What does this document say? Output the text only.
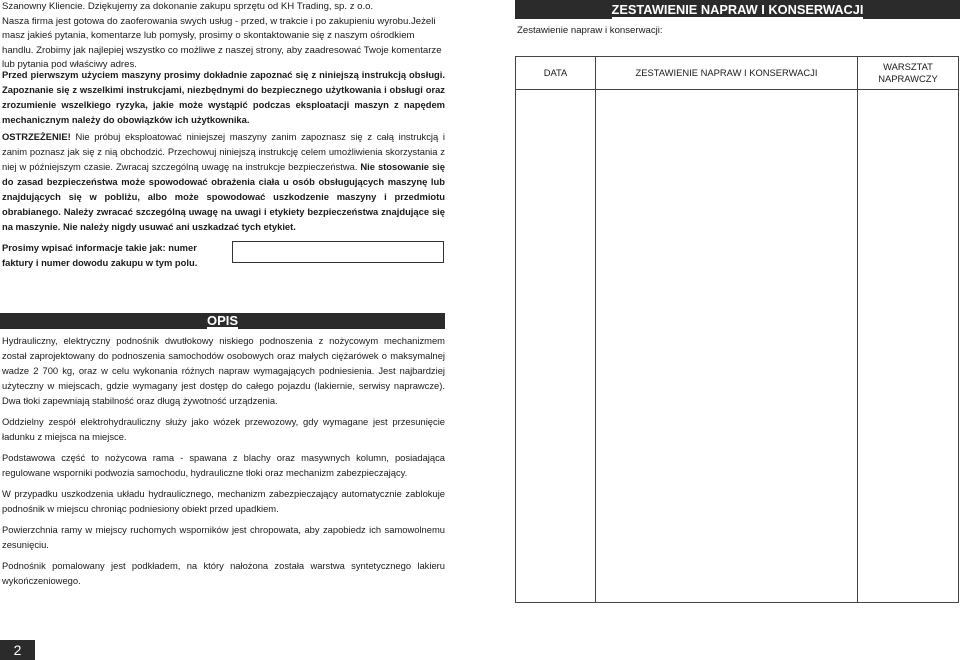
Szanowny Kliencie. Dziękujemy za dokonanie zakupu sprzętu od KH Trading, sp. z o.o.
Nasza firma jest gotowa do zaoferowania swych usług - przed, w trakcie i po zakupieniu wyrobu.Jeżeli masz jakieś pytania, komentarze lub pomysły, prosimy o skontaktowanie się z naszym ośrodkiem handlu. Zrobimy jak najlepiej wszystko co możliwe z naszej strony, aby zaadresować Twoje komentarze lub pytania pod właściwy adres.
Przed pierwszym użyciem maszyny prosimy dokładnie zapoznać się z niniejszą instrukcją obsługi. Zapoznanie się z wszelkimi instrukcjami, niezbędnymi do bezpiecznego użytkowania i obsługi oraz zrozumienie wszelkiego ryzyka, jakie może wystąpić podczas eksploatacji maszyn z napędem mechanicznym należy do obowiązków ich użytkownika.
OSTRZEŻENIE! Nie próbuj eksploatować niniejszej maszyny zanim zapoznasz się z całą instrukcją i zanim poznasz jak się z nią obchodzić. Przechowuj niniejszą instrukcję celem umożliwienia skorzystania z niej w późniejszym czasie. Zwracaj szczególną uwagę na instrukcje bezpieczeństwa. Nie stosowanie się do zasad bezpieczeństwa może spowodować obrażenia ciała u osób obsługujących maszynę lub znajdujących się w pobliżu, albo może spowodować uszkodzenie maszyny i przedmiotu obrabianego. Należy zwracać szczególną uwagę na uwagi i etykiety bezpieczeństwa znajdujące się na maszynie. Nie należy nigdy usuwać ani uszkadzać tych etykiet.
Prosimy wpisać informacje takie jak: numer faktury i numer dowodu zakupu w tym polu.
OPIS

Hydrauliczny, elektryczny podnośnik dwutłokowy niskiego podnoszenia z nożycowym mechanizmem został zaprojektowany do podnoszenia samochodów osobowych oraz małych ciężarówek o maksymalnej wadze 2 700 kg, oraz w celu wykonania różnych napraw wymagających podniesienia. Jest najbardziej użyteczny w miejscach, gdzie wymagany jest dostęp do całego pojazdu (lakiernie, serwisy naprawcze). Dwa tłoki zapewniają stabilność oraz długą żywotność urządzenia.

Oddzielny zespół elektrohydrauliczny służy jako wózek przewozowy, gdy wymagane jest przesunięcie ładunku z miejsca na miejsce.

Podstawowa część to nożycowa rama - spawana z blachy oraz masywnych kolumn, posiadająca regulowane wsporniki podwozia samochodu, hydrauliczne tłoki oraz mechanizm zabezpieczający.

W przypadku uszkodzenia układu hydraulicznego, mechanizm zabezpieczający automatycznie zablokuje podnośnik w miejscu chroniąc podniesiony obiekt przed upadkiem.

Powierzchnia ramy w miejscy ruchomych wsporników jest chropowata, aby zapobiedz ich samowolnemu zesunięciu.

Podnośnik pomalowany jest podkładem, na który nałożona została warstwa syntetycznego lakieru wykończeniowego.

2
ZESTAWIENIE NAPRAW I KONSERWACJI
Zestawienie napraw i konserwacji:
DATA	ZESTAWIENIE NAPRAW I KONSERWACJI	WARSZTAT NAPRAWCZY
